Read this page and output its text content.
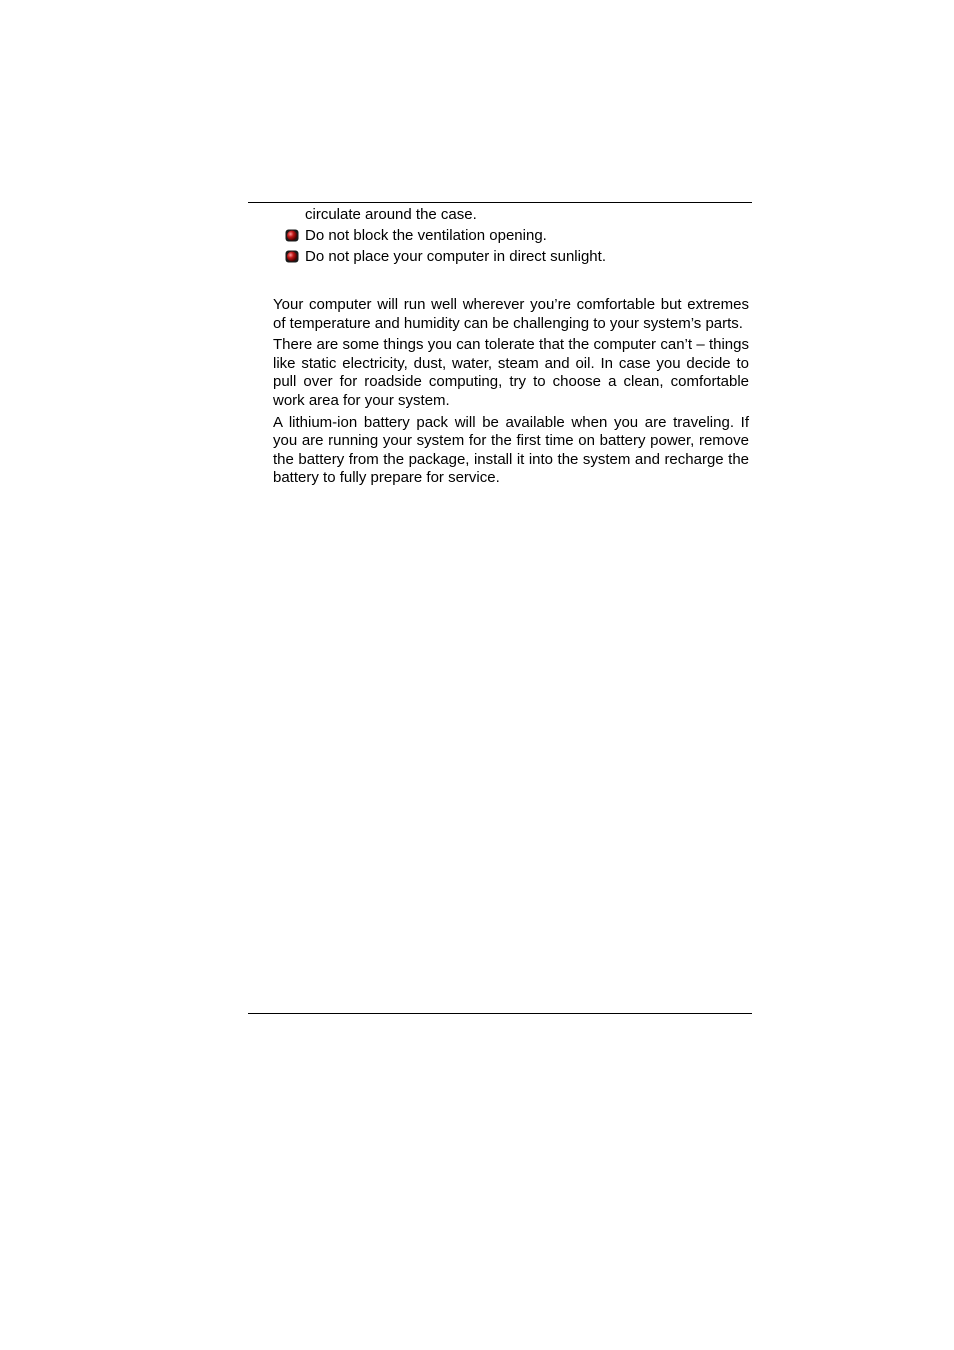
circulate around the case.
Do not block the ventilation opening.
Do not place your computer in direct sunlight.

Your computer will run well wherever you’re comfortable but extremes of temperature and humidity can be challenging to your system’s parts.

There are some things you can tolerate that the computer can’t – things like static electricity, dust, water, steam and oil. In case you decide to pull over for roadside computing, try to choose a clean, comfortable work area for your system.

A lithium-ion battery pack will be available when you are traveling. If you are running your system for the first time on battery power, remove the battery from the package, install it into the system and recharge the battery to fully prepare for service.
